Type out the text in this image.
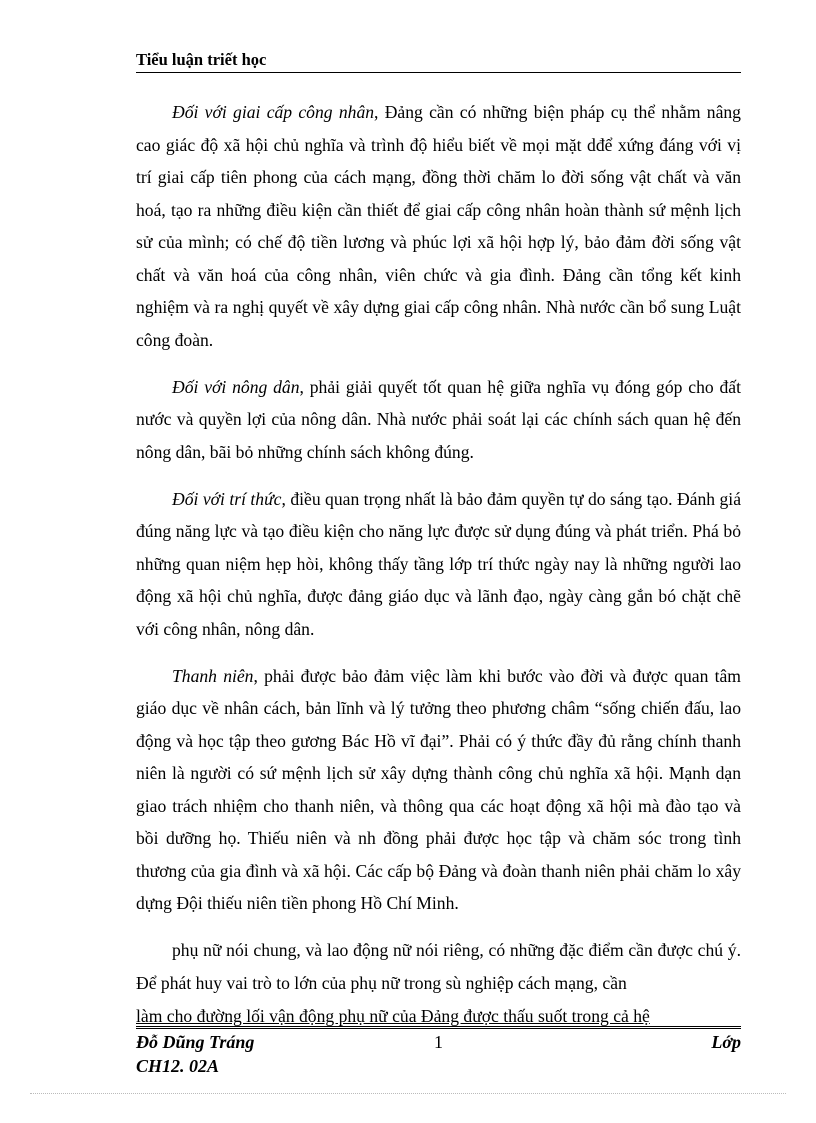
Tiểu luận triết học

Đối với giai cấp công nhân, Đảng cần có những biện pháp cụ thể nhằm nâng cao giác độ xã hội chủ nghĩa và trình độ hiểu biết về mọi mặt dđể xứng đáng với vị trí giai cấp tiên phong của cách mạng, đồng thời chăm lo đời sống vật chất và văn hoá, tạo ra những điều kiện cần thiết để giai cấp công nhân hoàn thành sứ mệnh lịch sử của mình; có chế độ tiền lương và phúc lợi xã hội hợp lý, bảo đảm đời sống vật chất và văn hoá của công nhân, viên chức và gia đình. Đảng cần tổng kết kinh nghiệm và ra nghị quyết về xây dựng giai cấp công nhân. Nhà nước cần bổ sung Luật công đoàn.

Đối với nông dân, phải giải quyết tốt quan hệ giữa nghĩa vụ đóng góp cho đất nước và quyền lợi của nông dân. Nhà nước phải soát lại các chính sách quan hệ đến nông dân, bãi bỏ những chính sách không đúng.

Đối với trí thức, điều quan trọng nhất là bảo đảm quyền tự do sáng tạo. Đánh giá đúng năng lực và tạo điều kiện cho năng lực được sử dụng đúng và phát triển. Phá bỏ những quan niệm hẹp hòi, không thấy tầng lớp trí thức ngày nay là những người lao động xã hội chủ nghĩa, được đảng giáo dục và lãnh đạo, ngày càng gắn bó chặt chẽ với công nhân, nông dân.

Thanh niên, phải được bảo đảm việc làm khi bước vào đời và được quan tâm giáo dục về nhân cách, bản lĩnh và lý tưởng theo phương châm “sống chiến đấu, lao động và học tập theo gương Bác Hồ vĩ đại”. Phải có ý thức đầy đủ rằng chính thanh niên là người có sứ mệnh lịch sử xây dựng thành công chủ nghĩa xã hội. Mạnh dạn giao trách nhiệm cho thanh niên, và thông qua các hoạt động xã hội mà đào tạo và bồi dưỡng họ. Thiếu niên và nh đồng phải được học tập và chăm sóc trong tình thương của gia đình và xã hội. Các cấp bộ Đảng và đoàn thanh niên phải chăm lo xây dựng Đội thiếu niên tiền phong Hồ Chí Minh.

phụ nữ nói chung, và lao động nữ nói riêng, có những đặc điểm cần được chú ý. Để phát huy vai trò to lớn của phụ nữ trong sù nghiệp cách mạng, cần

làm cho đường lối vận động phụ nữ của Đảng được thấu suốt trong cả hệ
Đỗ Dũng Tráng
CH12. 02A
1	Lớp
